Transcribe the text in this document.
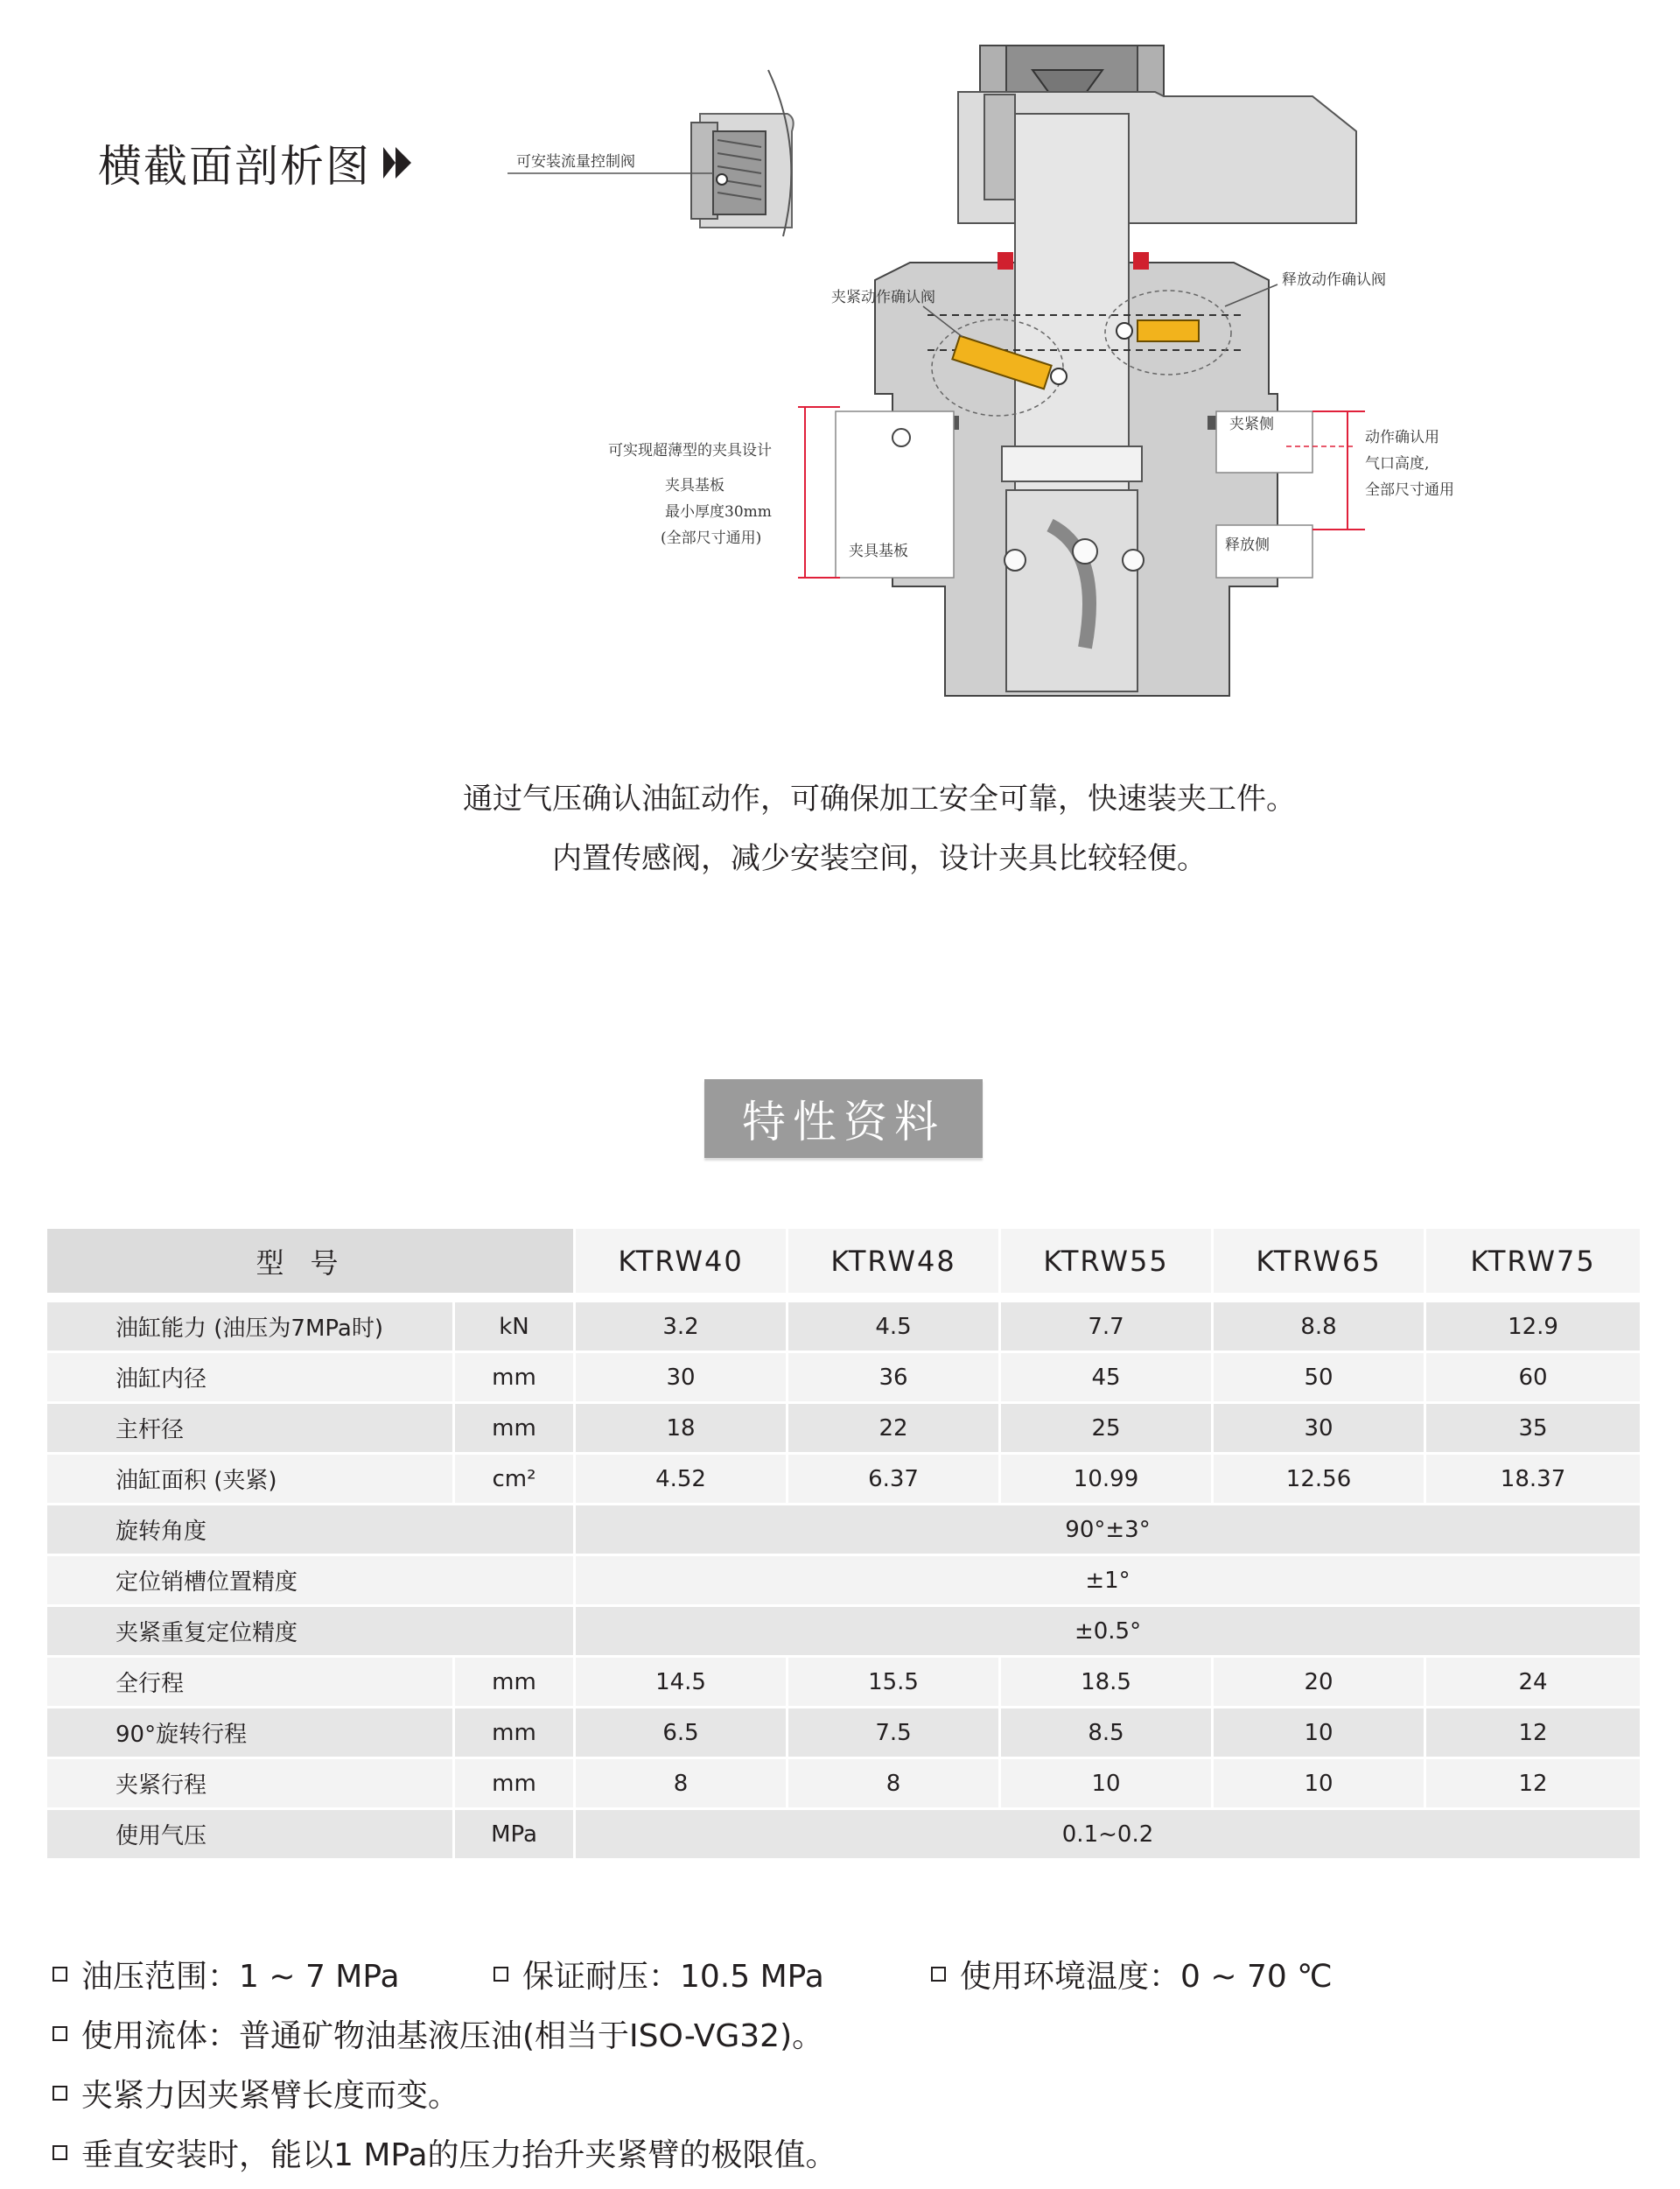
横截面剖析图	可安装流量控制阀
夹紧动作确认阀
释放动作确认阀
夹具基板
夹紧侧
释放侧
可实现超薄型的夹具设计
夹具基板
最小厚度30mm
(全部尺寸通用)
动作确认用
气口高度,
全部尺寸通用
通过气压确认油缸动作，可确保加工安全可靠，快速装夹工件。
内置传感阀，减少安装空间，设计夹具比较轻便。
特性资料
型号		KTRW40	KTRW48	KTRW55	KTRW65	KTRW75

油缸能力 (油压为7MPa时)	kN	3.2	4.5	7.7	8.8	12.9
油缸内径	mm	30	36	45	50	60
主杆径	mm	18	22	25	30	35
油缸面积 (夹紧)	cm²	4.52	6.37	10.99	12.56	18.37
旋转角度		90°±3°				
定位销槽位置精度		±1°				
夹紧重复定位精度		±0.5°				
全行程	mm	14.5	15.5	18.5	20	24
90°旋转行程	mm	6.5	7.5	8.5	10	12
夹紧行程	mm	8	8	10	10	12
使用气压	MPa	0.1~0.2				
油压范围：1 ~ 7 MPa	保证耐压：10.5 MPa	使用环境温度：0 ~ 70 ℃
使用流体：普通矿物油基液压油(相当于ISO-VG32)。
夹紧力因夹紧臂长度而变。
垂直安装时，能以1 MPa的压力抬升夹紧臂的极限值。
